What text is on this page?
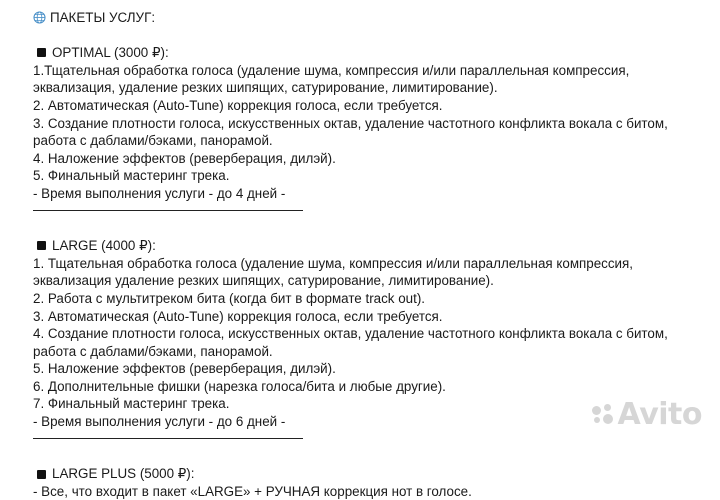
ПАКЕТЫ УСЛУГ:
OPTIMAL (3000 ₽):
1.Тщательная обработка голоса (удаление шума, компрессия и/или параллельная компрессия,
эквализация, удаление резких шипящих, сатурирование, лимитирование).
2. Автоматическая (Auto-Tune) коррекция голоса, если требуется.
3. Создание плотности голоса, искусственных октав, удаление частотного конфликта вокала с битом,
работа с даблами/бэками, панорамой.
4. Наложение эффектов (реверберация, дилэй).
5. Финальный мастеринг трека.
- Время выполнения услуги - до 4 дней -
LARGE (4000 ₽):
1. Тщательная обработка голоса (удаление шума, компрессия и/или параллельная компрессия,
эквализация удаление резких шипящих, сатурирование, лимитирование).
2. Работа с мультитреком бита (когда бит в формате track out).
3. Автоматическая (Auto-Tune) коррекция голоса, если требуется.
4. Создание плотности голоса, искусственных октав, удаление частотного конфликта вокала с битом,
работа с даблами/бэками, панорамой.
5. Наложение эффектов (реверберация, дилэй).
6. Дополнительные фишки (нарезка голоса/бита и любые другие).
7. Финальный мастеринг трека.
- Время выполнения услуги - до 6 дней -
LARGE PLUS (5000 ₽):
- Все, что входит в пакет «LARGE» + РУЧНАЯ коррекция нот в голосе.
Avito
